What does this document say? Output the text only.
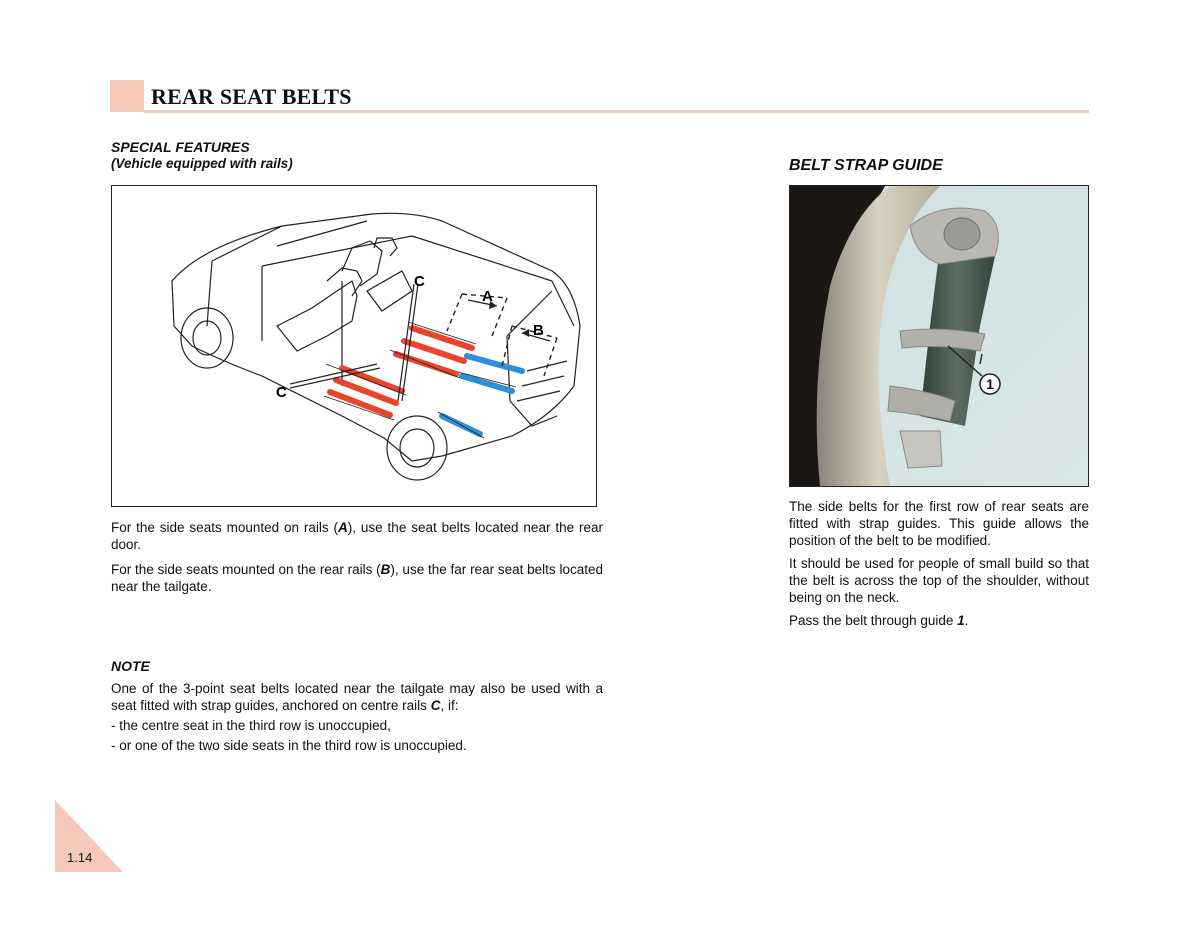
REAR SEAT BELTS
SPECIAL FEATURES
(Vehicle equipped with rails)
A
B
C
C
For the side seats mounted on rails (A), use the seat belts located near the rear door.
For the side seats mounted on the rear rails (B), use the far rear seat belts located near the tailgate.
NOTE
One of the 3-point seat belts located near the tailgate may also be used with a seat fitted with strap guides, anchored on centre rails C, if:
- the centre seat in the third row is unoccupied,
- or one of the two side seats in the third row is unoccupied.
BELT STRAP GUIDE
1
The side belts for the first row of rear seats are fitted with strap guides. This guide allows the position of the belt to be modified.
It should be used for people of small build so that the belt is across the top of the shoulder, without being on the neck.
Pass the belt through guide 1.
1.14
